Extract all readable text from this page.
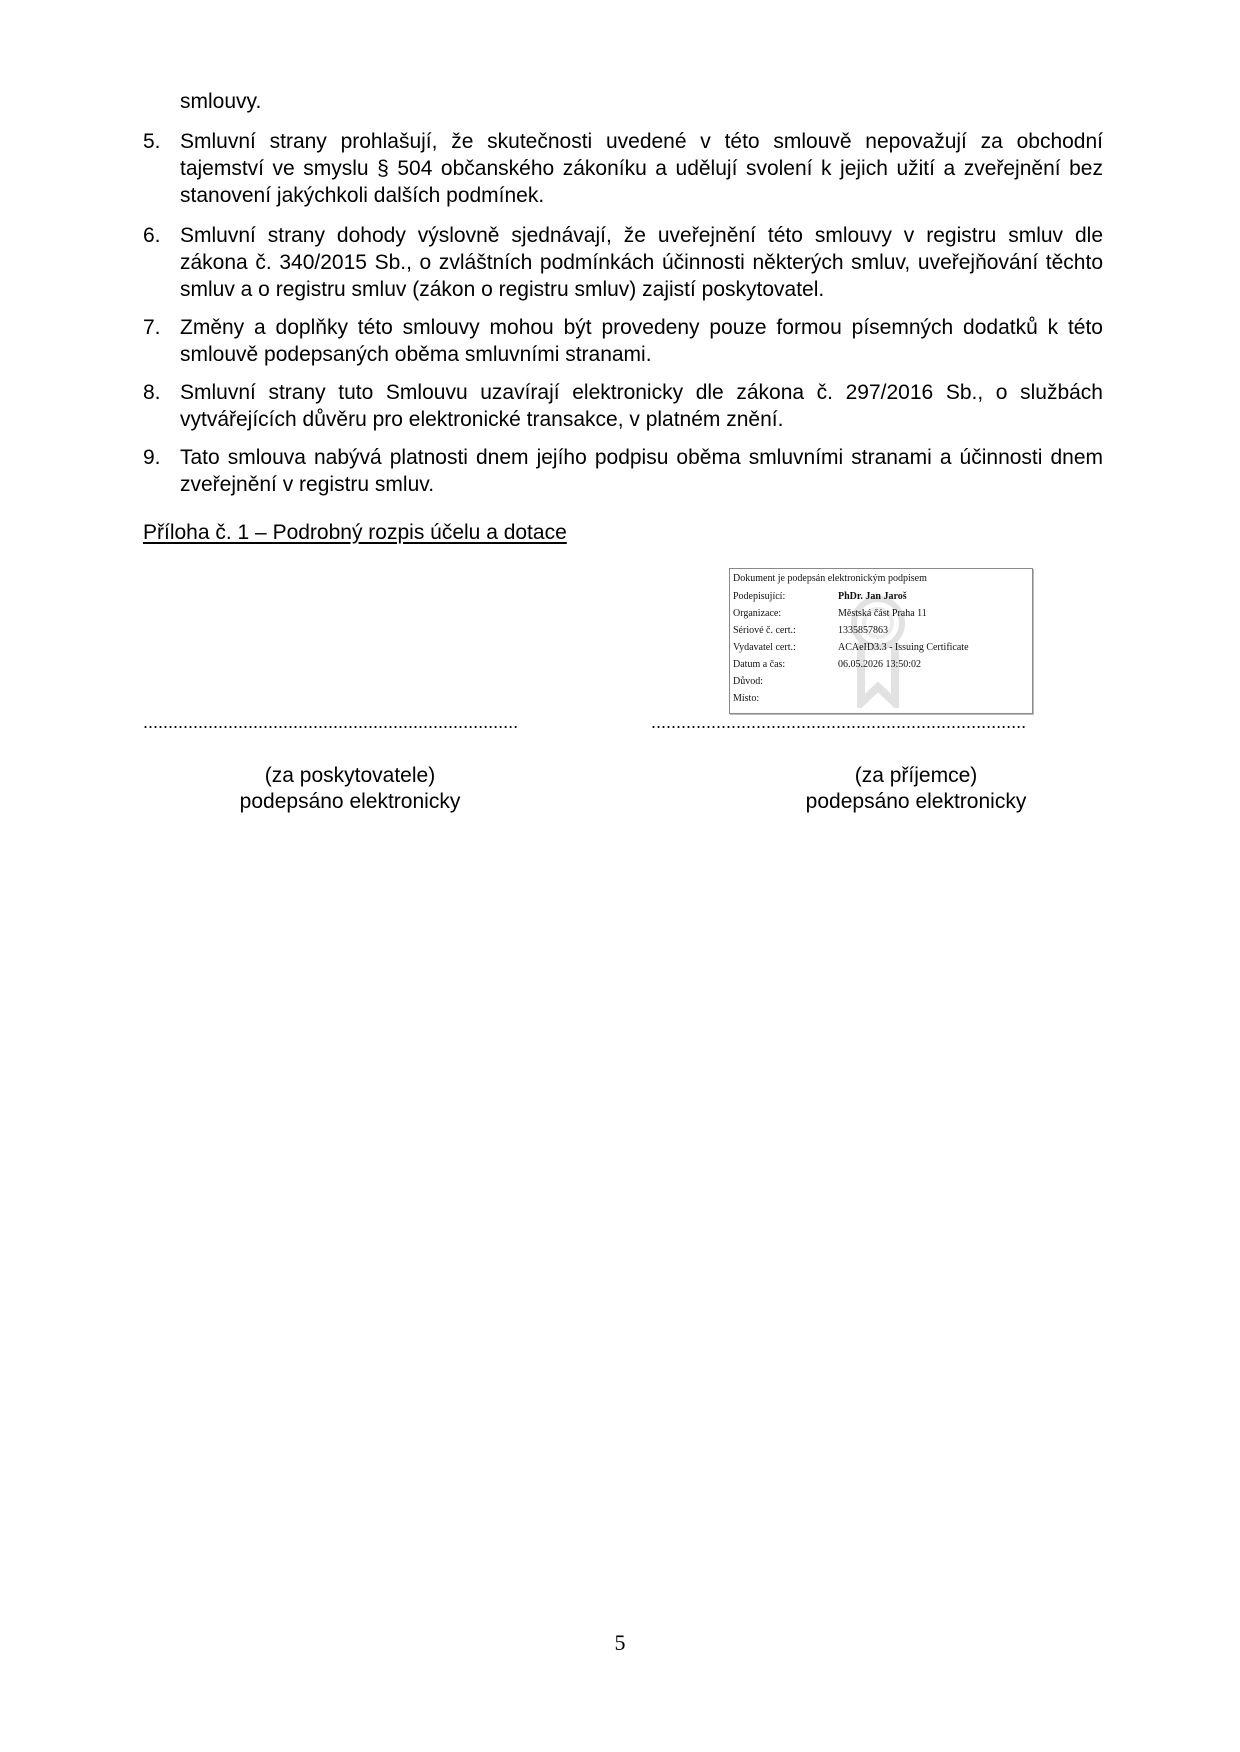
smlouvy.
5. Smluvní strany prohlašují, že skutečnosti uvedené v této smlouvě nepovažují za obchodní tajemství ve smyslu § 504 občanského zákoníku a udělují svolení k jejich užití a zveřejnění bez stanovení jakýchkoli dalších podmínek.
6. Smluvní strany dohody výslovně sjednávají, že uveřejnění této smlouvy v registru smluv dle zákona č. 340/2015 Sb., o zvláštních podmínkách účinnosti některých smluv, uveřejňování těchto smluv a o registru smluv (zákon o registru smluv) zajistí poskytovatel.
7. Změny a doplňky této smlouvy mohou být provedeny pouze formou písemných dodatků k této smlouvě podepsaných oběma smluvními stranami.
8. Smluvní strany tuto Smlouvu uzavírají elektronicky dle zákona č. 297/2016 Sb., o službách vytvářejících důvěru pro elektronické transakce, v platném znění.
9. Tato smlouva nabývá platnosti dnem jejího podpisu oběma smluvními stranami a účinnosti dnem zveřejnění v registru smluv.
Příloha č. 1 – Podrobný rozpis účelu a dotace
Dokument je podepsán elektronickým podpisem
Podepisující:	PhDr. Jan Jaroš
Organizace:	Městská část Praha 11
Sériové č. cert.:	1335857863
Vydavatel cert.:	ACAeID3.3 - Issuing Certificate
Datum a čas:	06.05.2026 13:50:02
Důvod:
Místo:
...........................................................................	...........................................................................
(za poskytovatele)
podepsáno elektronicky
(za příjemce)
podepsáno elektronicky
5
